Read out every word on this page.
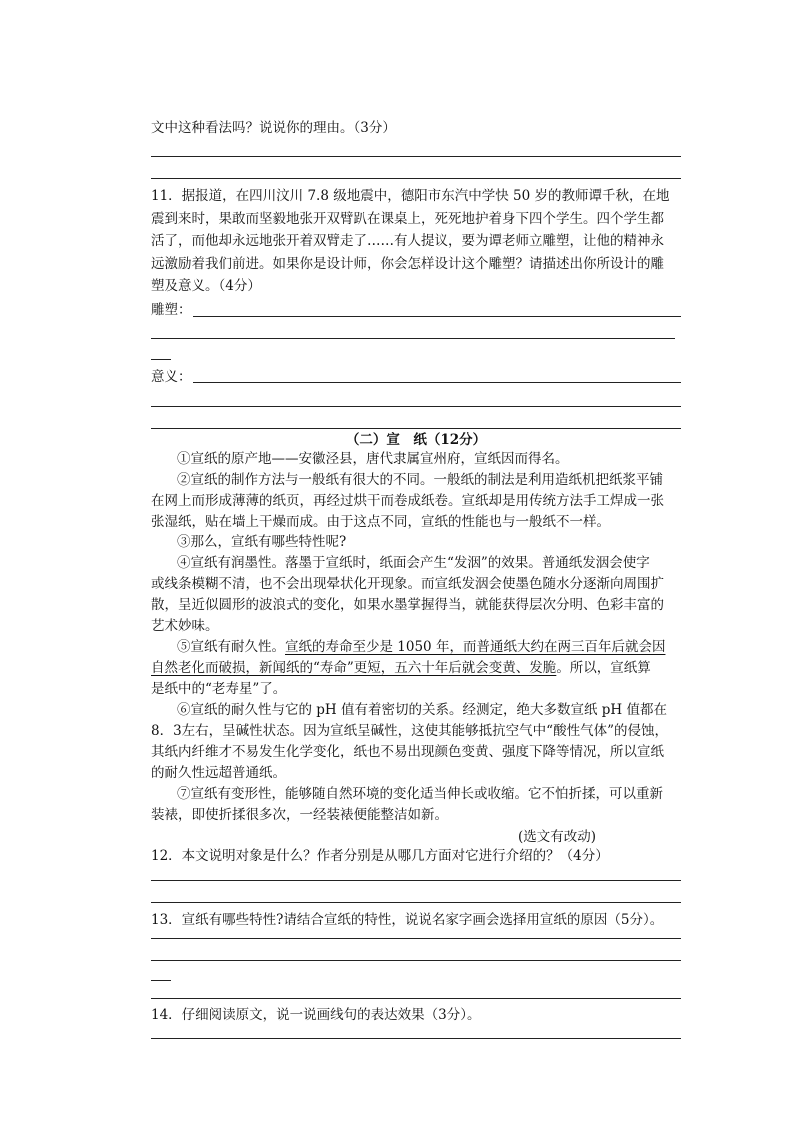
文中这种看法吗？说说你的理由。（3分）
11．据报道，在四川汶川 7.8 级地震中，德阳市东汽中学快 50 岁的教师谭千秋，在地
震到来时，果敢而坚毅地张开双臂趴在课桌上，死死地护着身下四个学生。四个学生都
活了，而他却永远地张开着双臂走了……有人提议，要为谭老师立雕塑，让他的精神永
远激励着我们前进。如果你是设计师，你会怎样设计这个雕塑？请描述出你所设计的雕
塑及意义。（4分）
雕塑：
意义：
（二）宣　纸（12分）
①宣纸的原产地——安徽泾县，唐代隶属宣州府，宣纸因而得名。
②宣纸的制作方法与一般纸有很大的不同。一般纸的制法是利用造纸机把纸浆平铺
在网上而形成薄薄的纸页，再经过烘干而卷成纸卷。宣纸却是用传统方法手工焊成一张
张湿纸，贴在墙上干燥而成。由于这点不同，宣纸的性能也与一般纸不一样。
③那么，宣纸有哪些特性呢?
④宣纸有润墨性。落墨于宣纸时，纸面会产生“发洇”的效果。普通纸发洇会使字
或线条模糊不清，也不会出现晕状化开现象。而宣纸发洇会使墨色随水分逐渐向周围扩
散，呈近似圆形的波浪式的变化，如果水墨掌握得当，就能获得层次分明、色彩丰富的
艺术妙味。
⑤宣纸有耐久性。宣纸的寿命至少是 1050 年，而普通纸大约在两三百年后就会因
自然老化而破损，新闻纸的“寿命”更短，五六十年后就会变黄、发脆。所以，宣纸算
是纸中的“老寿星”了。
⑥宣纸的耐久性与它的 pH 值有着密切的关系。经测定，绝大多数宣纸 pH 值都在
8．3左右，呈碱性状态。因为宣纸呈碱性，这使其能够抵抗空气中“酸性气体”的侵蚀，
其纸内纤维才不易发生化学变化，纸也不易出现颜色变黄、强度下降等情况，所以宣纸
的耐久性远超普通纸。
⑦宣纸有变形性，能够随自然环境的变化适当伸长或收缩。它不怕折揉，可以重新
装裱，即使折揉很多次，一经装裱便能整洁如新。
(选文有改动)
12．本文说明对象是什么？作者分别是从哪几方面对它进行介绍的？（4分）
13．宣纸有哪些特性?请结合宣纸的特性，说说名家字画会选择用宣纸的原因（5分）。
14．仔细阅读原文，说一说画线句的表达效果（3分）。
